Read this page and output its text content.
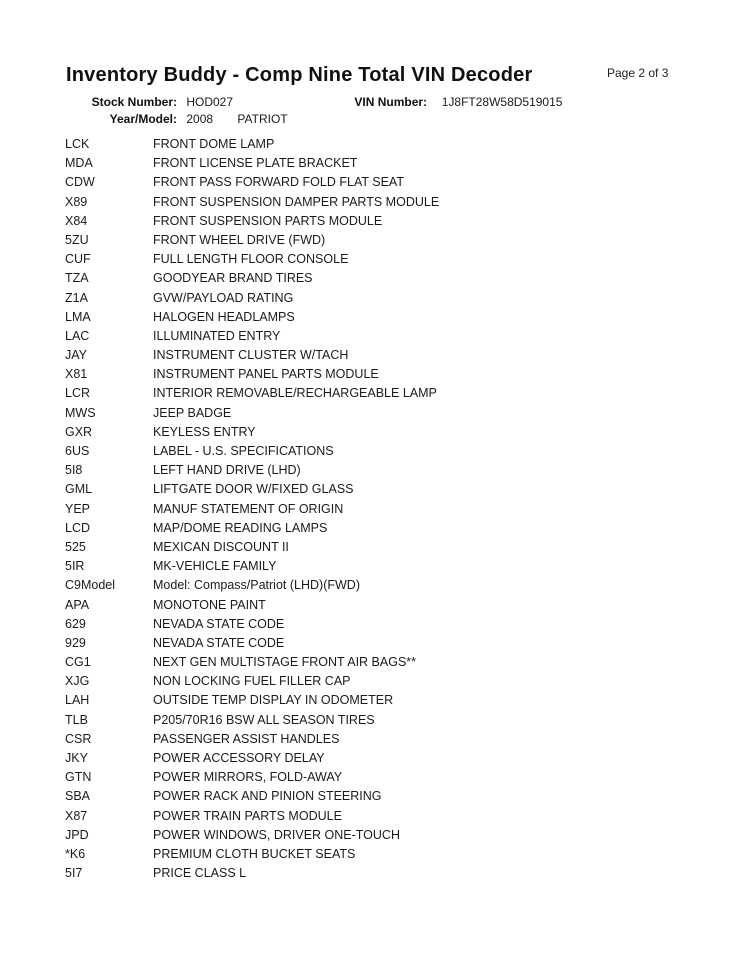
Inventory Buddy - Comp Nine Total VIN Decoder	Page 2 of 3
Stock Number: HOD027	VIN Number: 1J8FT28W58D519015
Year/Model: 2008 PATRIOT
LCK	FRONT DOME LAMP
MDA	FRONT LICENSE PLATE BRACKET
CDW	FRONT PASS FORWARD FOLD FLAT SEAT
X89	FRONT SUSPENSION DAMPER PARTS MODULE
X84	FRONT SUSPENSION PARTS MODULE
5ZU	FRONT WHEEL DRIVE (FWD)
CUF	FULL LENGTH FLOOR CONSOLE
TZA	GOODYEAR BRAND TIRES
Z1A	GVW/PAYLOAD RATING
LMA	HALOGEN HEADLAMPS
LAC	ILLUMINATED ENTRY
JAY	INSTRUMENT CLUSTER W/TACH
X81	INSTRUMENT PANEL PARTS MODULE
LCR	INTERIOR REMOVABLE/RECHARGEABLE LAMP
MWS	JEEP BADGE
GXR	KEYLESS ENTRY
6US	LABEL - U.S. SPECIFICATIONS
5I8	LEFT HAND DRIVE (LHD)
GML	LIFTGATE DOOR W/FIXED GLASS
YEP	MANUF STATEMENT OF ORIGIN
LCD	MAP/DOME READING LAMPS
525	MEXICAN DISCOUNT II
5IR	MK-VEHICLE FAMILY
C9Model	Model: Compass/Patriot (LHD)(FWD)
APA	MONOTONE PAINT
629	NEVADA STATE CODE
929	NEVADA STATE CODE
CG1	NEXT GEN MULTISTAGE FRONT AIR BAGS**
XJG	NON LOCKING FUEL FILLER CAP
LAH	OUTSIDE TEMP DISPLAY IN ODOMETER
TLB	P205/70R16 BSW ALL SEASON TIRES
CSR	PASSENGER ASSIST HANDLES
JKY	POWER ACCESSORY DELAY
GTN	POWER MIRRORS, FOLD-AWAY
SBA	POWER RACK AND PINION STEERING
X87	POWER TRAIN PARTS MODULE
JPD	POWER WINDOWS, DRIVER ONE-TOUCH
*K6	PREMIUM CLOTH BUCKET SEATS
5I7	PRICE CLASS L
